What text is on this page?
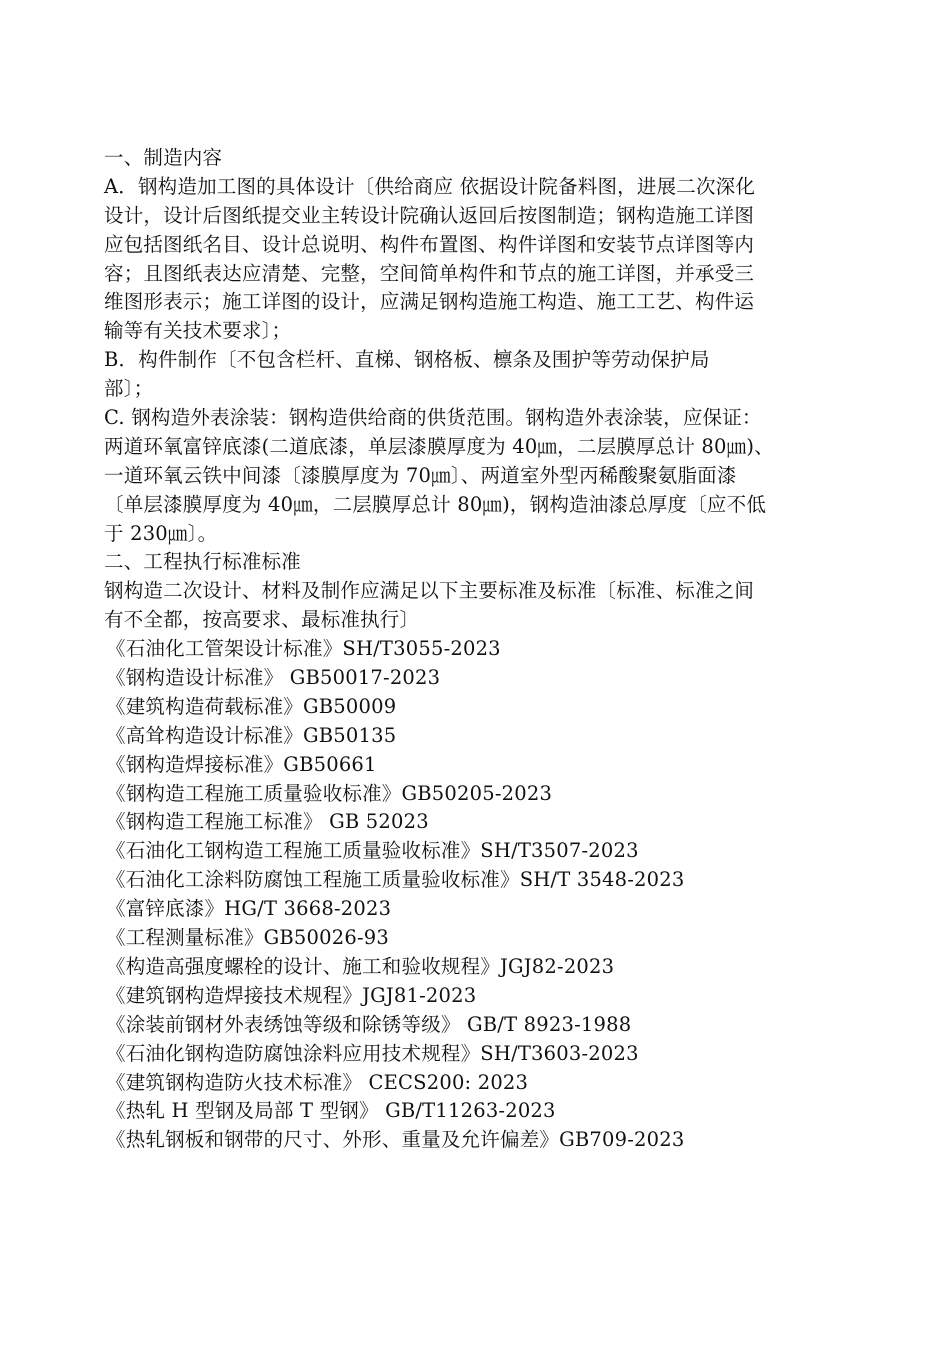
一、制造内容
A．钢构造加工图的具体设计〔供给商应 依据设计院备料图，进展二次深化
设计，设计后图纸提交业主转设计院确认返回后按图制造；钢构造施工详图
应包括图纸名目、设计总说明、构件布置图、构件详图和安装节点详图等内
容；且图纸表达应清楚、完整，空间简单构件和节点的施工详图，并承受三
维图形表示；施工详图的设计，应满足钢构造施工构造、施工工艺、构件运
输等有关技术要求〕；
B．构件制作〔不包含栏杆、直梯、钢格板、檩条及围护等劳动保护局
部〕；
C. 钢构造外表涂装：钢构造供给商的供货范围。钢构造外表涂装，应保证：
两道环氧富锌底漆(二道底漆，单层漆膜厚度为 40㎛，二层膜厚总计 80㎛)、
一道环氧云铁中间漆〔漆膜厚度为 70㎛〕、两道室外型丙稀酸聚氨脂面漆
〔单层漆膜厚度为 40㎛，二层膜厚总计 80㎛)，钢构造油漆总厚度〔应不低
于 230㎛〕。
二、工程执行标准标准
钢构造二次设计、材料及制作应满足以下主要标准及标准〔标准、标准之间
有不全都，按高要求、最标准执行〕
《石油化工管架设计标准》SH/T3055-2023
《钢构造设计标准》 GB50017-2023
《建筑构造荷载标准》GB50009
《高耸构造设计标准》GB50135
《钢构造焊接标准》GB50661
《钢构造工程施工质量验收标准》GB50205-2023
《钢构造工程施工标准》 GB 52023
《石油化工钢构造工程施工质量验收标准》SH/T3507-2023
《石油化工涂料防腐蚀工程施工质量验收标准》SH/T 3548-2023
《富锌底漆》HG/T 3668-2023
《工程测量标准》GB50026-93
《构造高强度螺栓的设计、施工和验收规程》JGJ82-2023
《建筑钢构造焊接技术规程》JGJ81-2023
《涂装前钢材外表绣蚀等级和除锈等级》 GB/T 8923-1988
《石油化钢构造防腐蚀涂料应用技术规程》SH/T3603-2023
《建筑钢构造防火技术标准》 CECS200: 2023
《热轧 H 型钢及局部 T 型钢》 GB/T11263-2023
《热轧钢板和钢带的尺寸、外形、重量及允许偏差》GB709-2023
